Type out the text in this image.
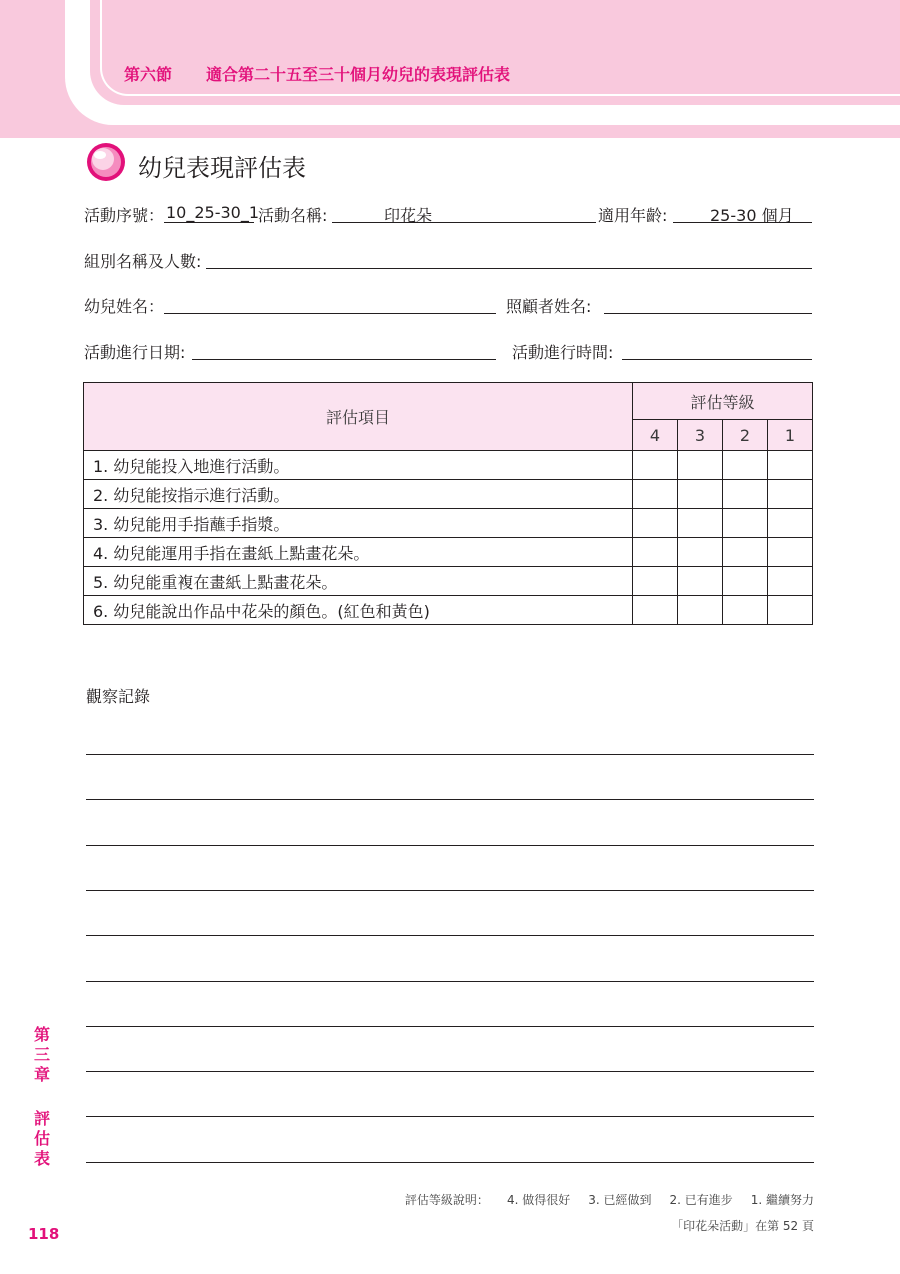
第六節 適合第二十五至三十個月幼兒的表現評估表
幼兒表現評估表
活動序號： 10_25-30_1
活動名稱:	印花朵	適用年齡:	25-30 個月
組別名稱及人數:
幼兒姓名：	照顧者姓名:
活動進行日期:	活動進行時間:
評估項目	評估等級			
	4	3	2	1
1. 幼兒能投入地進行活動。				
2. 幼兒能按指示進行活動。				
3. 幼兒能用手指蘸手指漿。				
4. 幼兒能運用手指在畫紙上點畫花朵。				
5. 幼兒能重複在畫紙上點畫花朵。				
6. 幼兒能說出作品中花朵的顏色。(紅色和黃色)				
觀察記錄
第
三
章
評
估
表
118
評估等級說明： 4. 做得很好 3. 已經做到 2. 已有進步 1. 繼續努力
「印花朵活動」在第 52 頁
